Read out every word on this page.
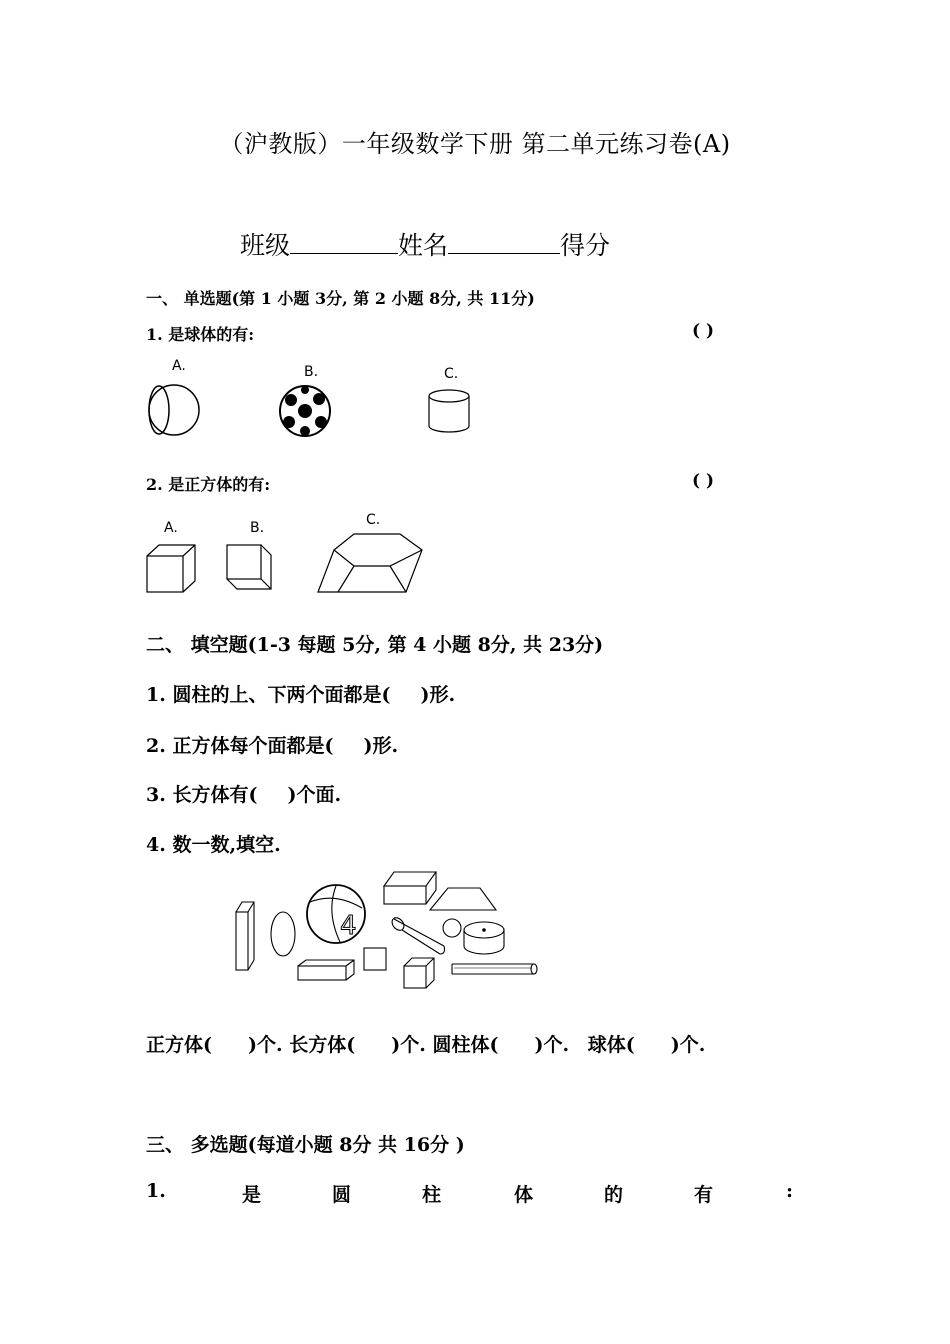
（沪教版）一年级数学下册 第二单元练习卷(A)
班级	姓名	得分
一、 单选题(第 1 小题 3分, 第 2 小题 8分, 共 11分)
1. 是球体的有:	( )
A.	B.	C.
2. 是正方体的有:	( )
A.	B.	C.
二、 填空题(1-3 每题 5分, 第 4 小题 8分, 共 23分)
1. 圆柱的上、下两个面都是( )形.
2. 正方体每个面都是( )形.
3. 长方体有( )个面.
4. 数一数,填空.
4
正方体( )个. 长方体( )个. 圆柱体( )个. 球体( )个.
三、 多选题(每道小题 8分 共 16分 )
1.	是	圆	柱	体	的	有	:
